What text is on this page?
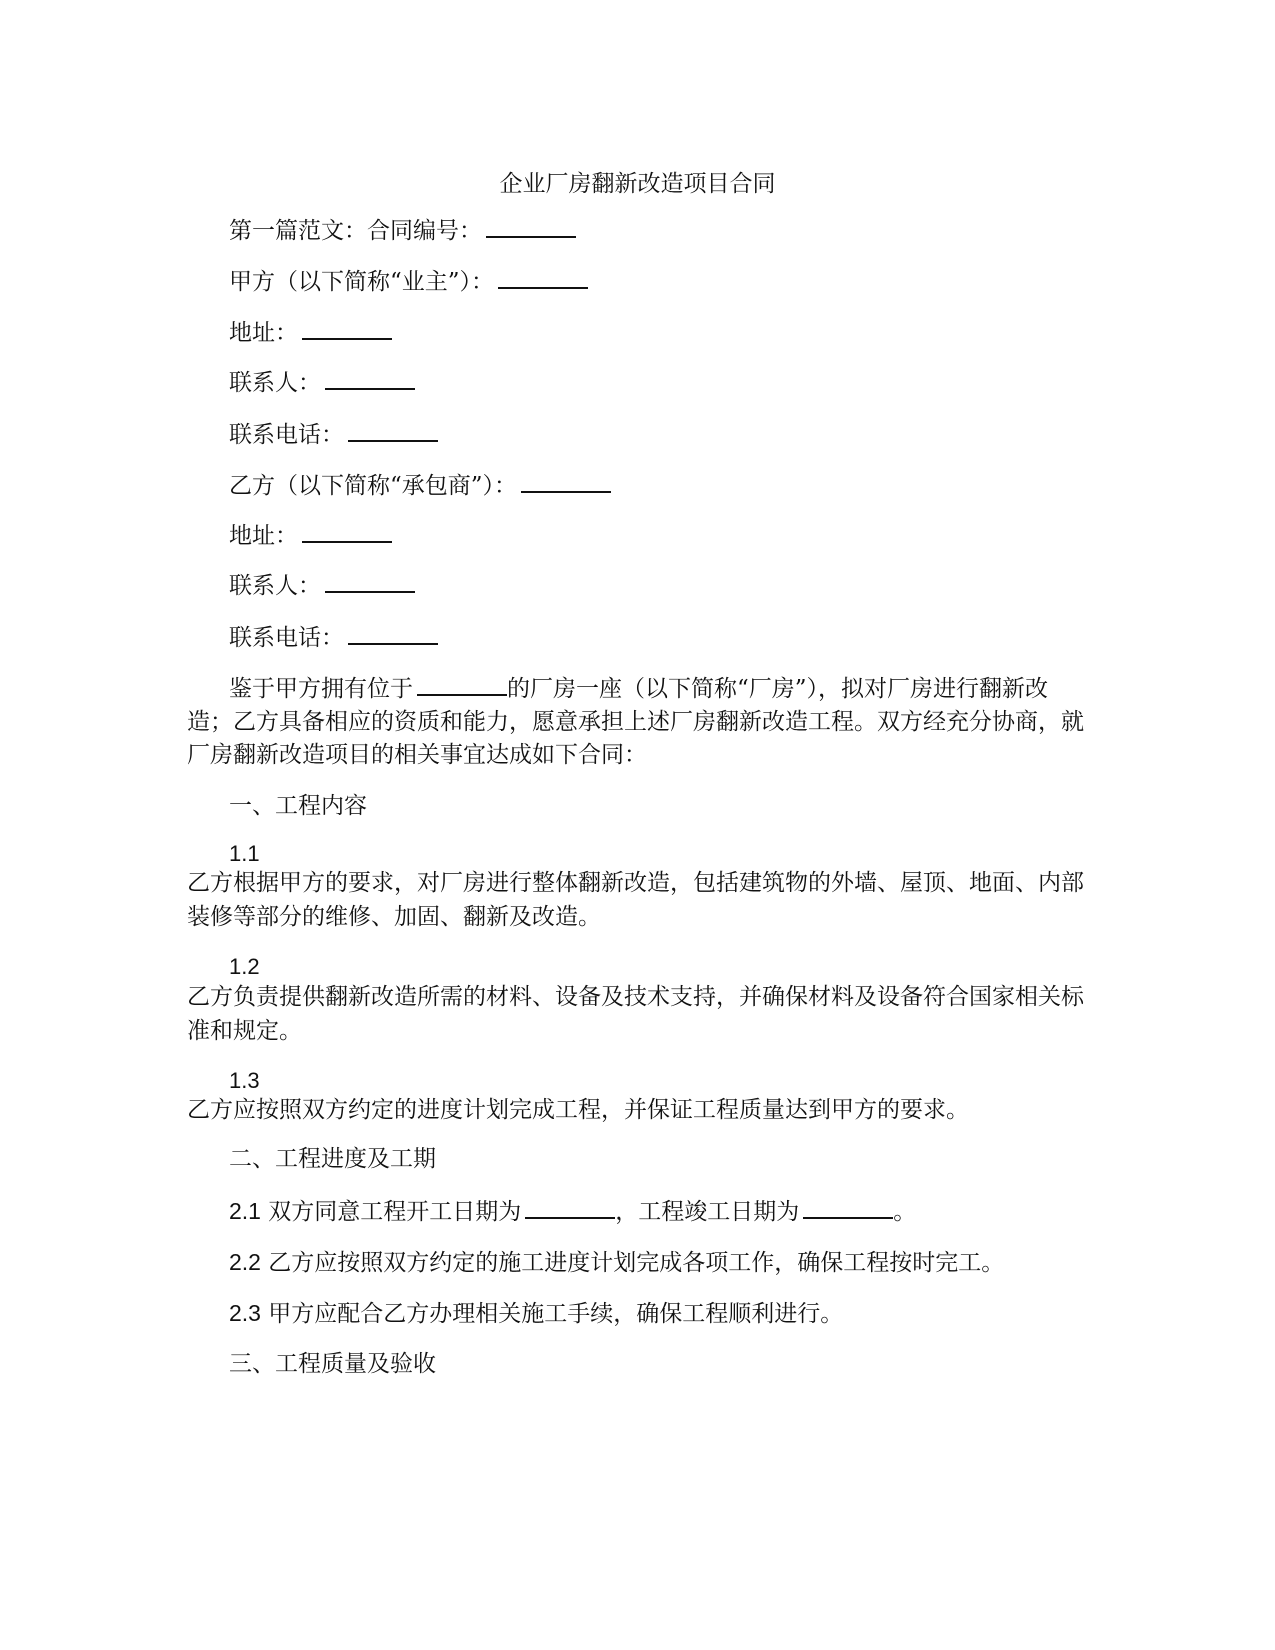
企业厂房翻新改造项目合同
第一篇范文：合同编号：
甲方（以下简称“业主”）：
地址：
联系人：
联系电话：
乙方（以下简称“承包商”）：
地址：
联系人：
联系电话：
鉴于甲方拥有位于	的厂房一座（以下简称“厂房”），拟对厂房进行翻新改造；乙方具备相应的资质和能力，愿意承担上述厂房翻新改造工程。双方经充分协商，就厂房翻新改造项目的相关事宜达成如下合同：
一、工程内容
1.1
乙方根据甲方的要求，对厂房进行整体翻新改造，包括建筑物的外墙、屋顶、地面、内部装修等部分的维修、加固、翻新及改造。
1.2
乙方负责提供翻新改造所需的材料、设备及技术支持，并确保材料及设备符合国家相关标准和规定。
1.3
乙方应按照双方约定的进度计划完成工程，并保证工程质量达到甲方的要求。
二、工程进度及工期
2.1 双方同意工程开工日期为	，工程竣工日期为	。
2.2 乙方应按照双方约定的施工进度计划完成各项工作，确保工程按时完工。
2.3 甲方应配合乙方办理相关施工手续，确保工程顺利进行。
三、工程质量及验收
